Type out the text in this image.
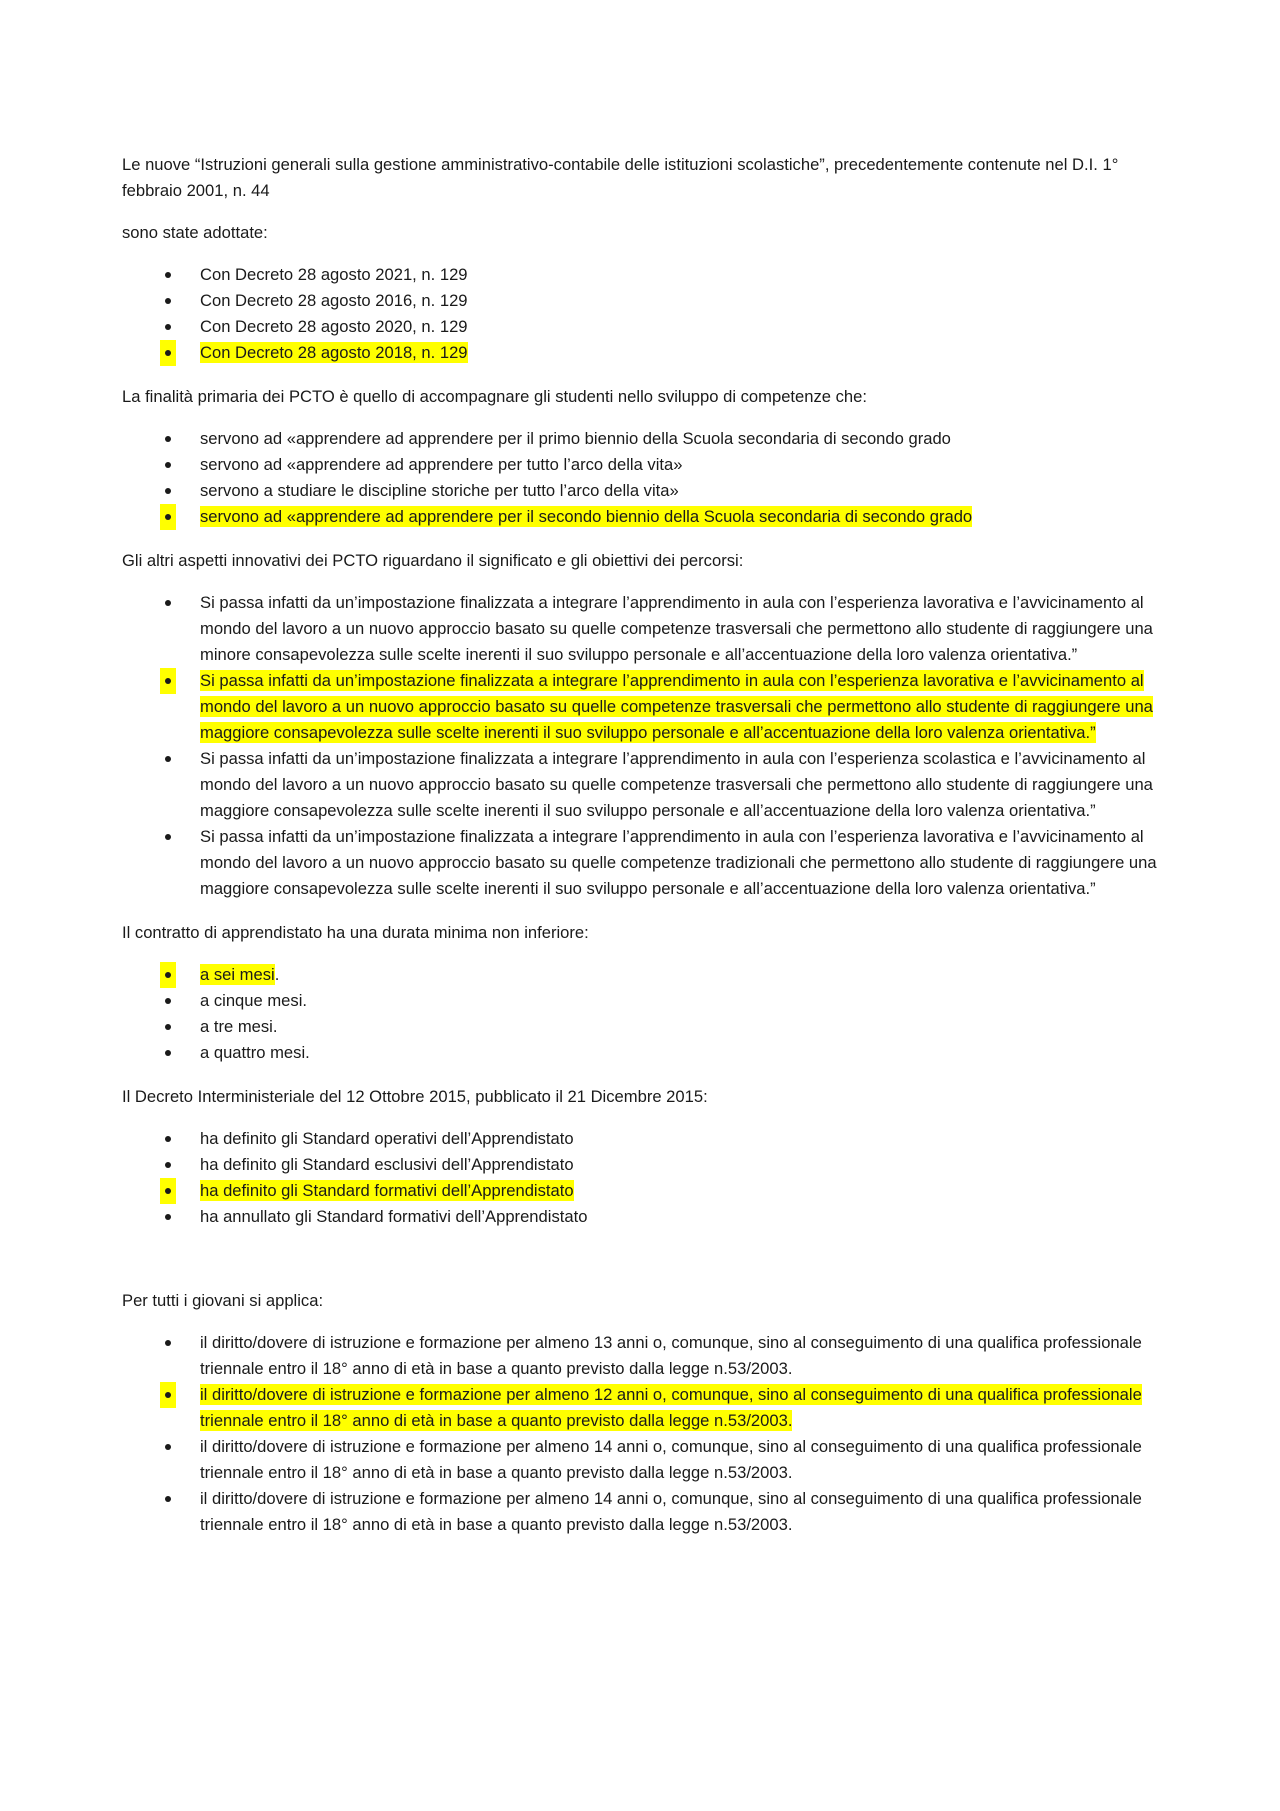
Le nuove “Istruzioni generali sulla gestione amministrativo-contabile delle istituzioni scolastiche”, precedentemente contenute nel D.I. 1° febbraio 2001, n. 44

sono state adottate:

Con Decreto 28 agosto 2021, n. 129
Con Decreto 28 agosto 2016, n. 129
Con Decreto 28 agosto 2020, n. 129
Con Decreto 28 agosto 2018, n. 129

La finalità primaria dei PCTO è quello di accompagnare gli studenti nello sviluppo di competenze che:

servono ad «apprendere ad apprendere per il primo biennio della Scuola secondaria di secondo grado
servono ad «apprendere ad apprendere per tutto l’arco della vita»
servono a studiare le discipline storiche per tutto l’arco della vita»
servono ad «apprendere ad apprendere per il secondo biennio della Scuola secondaria di secondo grado

Gli altri aspetti innovativi dei PCTO riguardano il significato e gli obiettivi dei percorsi:

Si passa infatti da un’impostazione finalizzata a integrare l’apprendimento in aula con l’esperienza lavorativa e l’avvicinamento al mondo del lavoro a un nuovo approccio basato su quelle competenze trasversali che permettono allo studente di raggiungere una minore consapevolezza sulle scelte inerenti il suo sviluppo personale e all’accentuazione della loro valenza orientativa.”
Si passa infatti da un’impostazione finalizzata a integrare l’apprendimento in aula con l’esperienza lavorativa e l’avvicinamento al mondo del lavoro a un nuovo approccio basato su quelle competenze trasversali che permettono allo studente di raggiungere una maggiore consapevolezza sulle scelte inerenti il suo sviluppo personale e all’accentuazione della loro valenza orientativa.”
Si passa infatti da un’impostazione finalizzata a integrare l’apprendimento in aula con l’esperienza scolastica e l’avvicinamento al mondo del lavoro a un nuovo approccio basato su quelle competenze trasversali che permettono allo studente di raggiungere una maggiore consapevolezza sulle scelte inerenti il suo sviluppo personale e all’accentuazione della loro valenza orientativa.”
Si passa infatti da un’impostazione finalizzata a integrare l’apprendimento in aula con l’esperienza lavorativa e l’avvicinamento al mondo del lavoro a un nuovo approccio basato su quelle competenze tradizionali che permettono allo studente di raggiungere una maggiore consapevolezza sulle scelte inerenti il suo sviluppo personale e all’accentuazione della loro valenza orientativa.”

Il contratto di apprendistato ha una durata minima non inferiore:

a sei mesi.
a cinque mesi.
a tre mesi.
a quattro mesi.

Il Decreto Interministeriale del 12 Ottobre 2015, pubblicato il 21 Dicembre 2015:

ha definito gli Standard operativi dell’Apprendistato
ha definito gli Standard esclusivi dell’Apprendistato
ha definito gli Standard formativi dell’Apprendistato
ha annullato gli Standard formativi dell’Apprendistato

Per tutti i giovani si applica:

il diritto/dovere di istruzione e formazione per almeno 13 anni o, comunque, sino al conseguimento di una qualifica professionale triennale entro il 18° anno di età in base a quanto previsto dalla legge n.53/2003.
il diritto/dovere di istruzione e formazione per almeno 12 anni o, comunque, sino al conseguimento di una qualifica professionale triennale entro il 18° anno di età in base a quanto previsto dalla legge n.53/2003.
il diritto/dovere di istruzione e formazione per almeno 14 anni o, comunque, sino al conseguimento di una qualifica professionale triennale entro il 18° anno di età in base a quanto previsto dalla legge n.53/2003.
il diritto/dovere di istruzione e formazione per almeno 14 anni o, comunque, sino al conseguimento di una qualifica professionale triennale entro il 18° anno di età in base a quanto previsto dalla legge n.53/2003.
